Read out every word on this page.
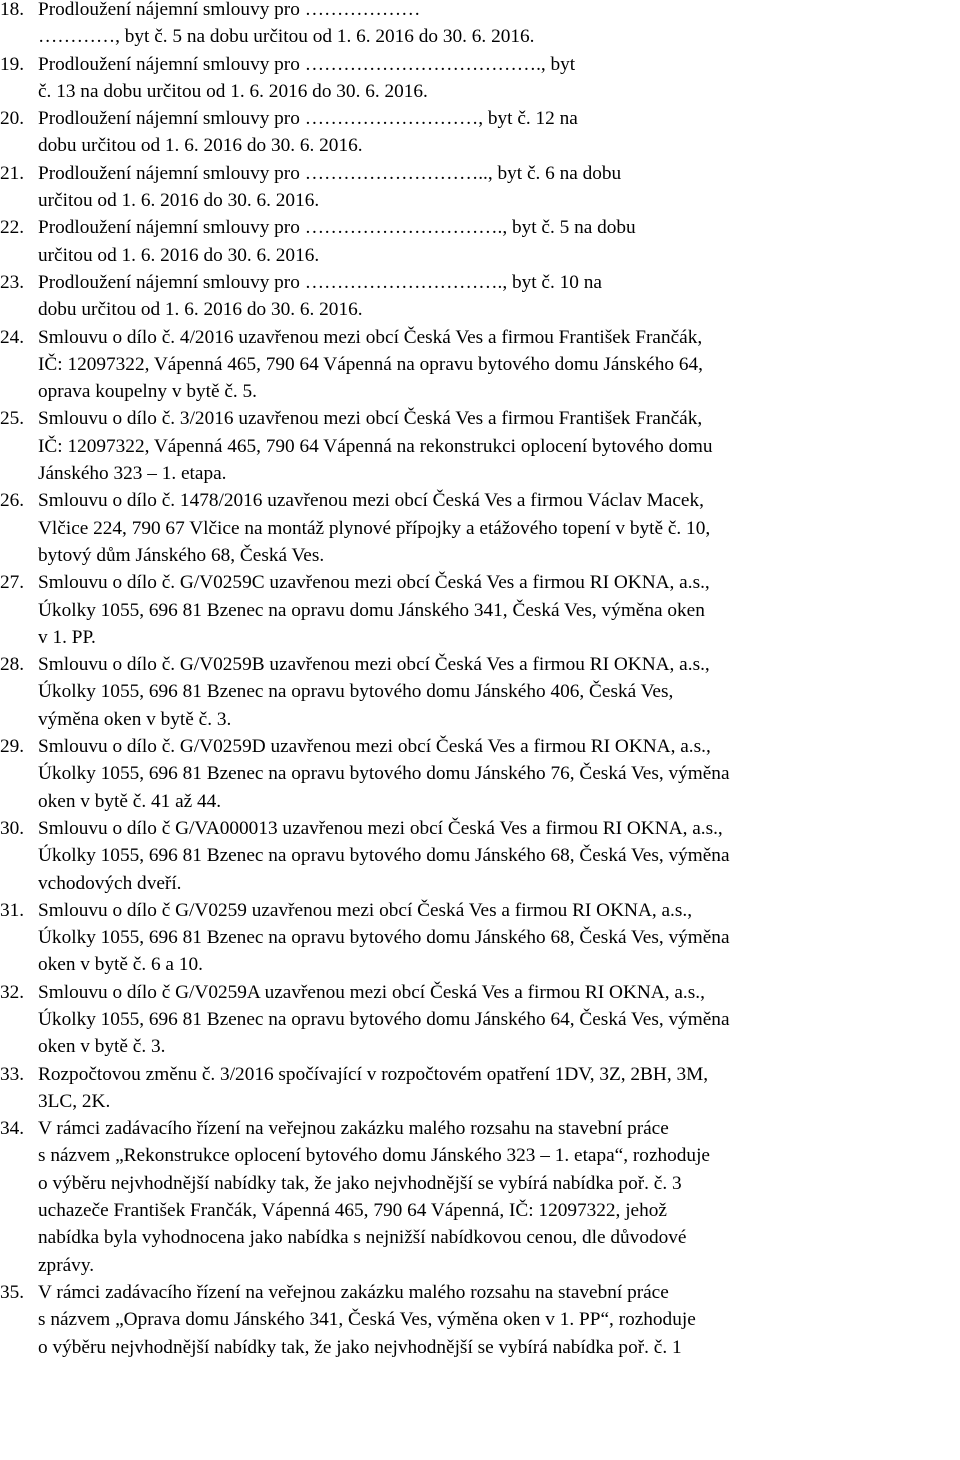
18. Prodloužení nájemní smlouvy pro ………………
…………, byt č. 5 na dobu určitou od 1. 6. 2016 do 30. 6. 2016.
19. Prodloužení nájemní smlouvy pro ………………………………., byt
č. 13 na dobu určitou od 1. 6. 2016 do 30. 6. 2016.
20. Prodloužení nájemní smlouvy pro ………………………, byt č. 12 na
dobu určitou od 1. 6. 2016 do 30. 6. 2016.
21. Prodloužení nájemní smlouvy pro ……………………….., byt č. 6 na dobu
určitou od 1. 6. 2016 do 30. 6. 2016.
22. Prodloužení nájemní smlouvy pro …………………………., byt č. 5 na dobu
určitou od 1. 6. 2016 do 30. 6. 2016.
23. Prodloužení nájemní smlouvy pro …………………………., byt č. 10 na
dobu určitou od 1. 6. 2016 do 30. 6. 2016.
24. Smlouvu o dílo č. 4/2016 uzavřenou mezi obcí Česká Ves a firmou František Frančák,
IČ: 12097322, Vápenná 465, 790 64 Vápenná na opravu bytového domu Jánského 64,
oprava koupelny v bytě č. 5.
25. Smlouvu o dílo č. 3/2016 uzavřenou mezi obcí Česká Ves a firmou František Frančák,
IČ: 12097322, Vápenná 465, 790 64 Vápenná na rekonstrukci oplocení bytového domu
Jánského 323 – 1. etapa.
26. Smlouvu o dílo č. 1478/2016 uzavřenou mezi obcí Česká Ves a firmou Václav Macek,
Vlčice 224, 790 67 Vlčice na montáž plynové přípojky a etážového topení v bytě č. 10,
bytový dům Jánského 68, Česká Ves.
27. Smlouvu o dílo č. G/V0259C uzavřenou mezi obcí Česká Ves a firmou RI OKNA, a.s.,
Úkolky 1055, 696 81 Bzenec na opravu domu Jánského 341, Česká Ves, výměna oken
v 1. PP.
28. Smlouvu o dílo č. G/V0259B uzavřenou mezi obcí Česká Ves a firmou RI OKNA, a.s.,
Úkolky 1055, 696 81 Bzenec na opravu bytového domu Jánského 406, Česká Ves,
výměna oken v bytě č. 3.
29. Smlouvu o dílo č. G/V0259D uzavřenou mezi obcí Česká Ves a firmou RI OKNA, a.s.,
Úkolky 1055, 696 81 Bzenec na opravu bytového domu Jánského 76, Česká Ves, výměna
oken v bytě č. 41 až 44.
30. Smlouvu o dílo č G/VA000013 uzavřenou mezi obcí Česká Ves a firmou RI OKNA, a.s.,
Úkolky 1055, 696 81 Bzenec na opravu bytového domu Jánského 68, Česká Ves, výměna
vchodových dveří.
31. Smlouvu o dílo č G/V0259 uzavřenou mezi obcí Česká Ves a firmou RI OKNA, a.s.,
Úkolky 1055, 696 81 Bzenec na opravu bytového domu Jánského 68, Česká Ves, výměna
oken v bytě č. 6 a 10.
32. Smlouvu o dílo č G/V0259A uzavřenou mezi obcí Česká Ves a firmou RI OKNA, a.s.,
Úkolky 1055, 696 81 Bzenec na opravu bytového domu Jánského 64, Česká Ves, výměna
oken v bytě č. 3.
33. Rozpočtovou změnu č. 3/2016 spočívající v rozpočtovém opatření 1DV, 3Z, 2BH, 3M,
3LC, 2K.
34. V rámci zadávacího řízení na veřejnou zakázku malého rozsahu na stavební práce
s názvem „Rekonstrukce oplocení bytového domu Jánského 323 – 1. etapa“, rozhoduje
o výběru nejvhodnější nabídky tak, že jako nejvhodnější se vybírá nabídka poř. č. 3
uchazeče František Frančák, Vápenná 465, 790 64 Vápenná, IČ: 12097322, jehož
nabídka byla vyhodnocena jako nabídka s nejnižší nabídkovou cenou, dle důvodové
zprávy.
35. V rámci zadávacího řízení na veřejnou zakázku malého rozsahu na stavební práce
s názvem „Oprava domu Jánského 341, Česká Ves, výměna oken v 1. PP“, rozhoduje
o výběru nejvhodnější nabídky tak, že jako nejvhodnější se vybírá nabídka poř. č. 1
